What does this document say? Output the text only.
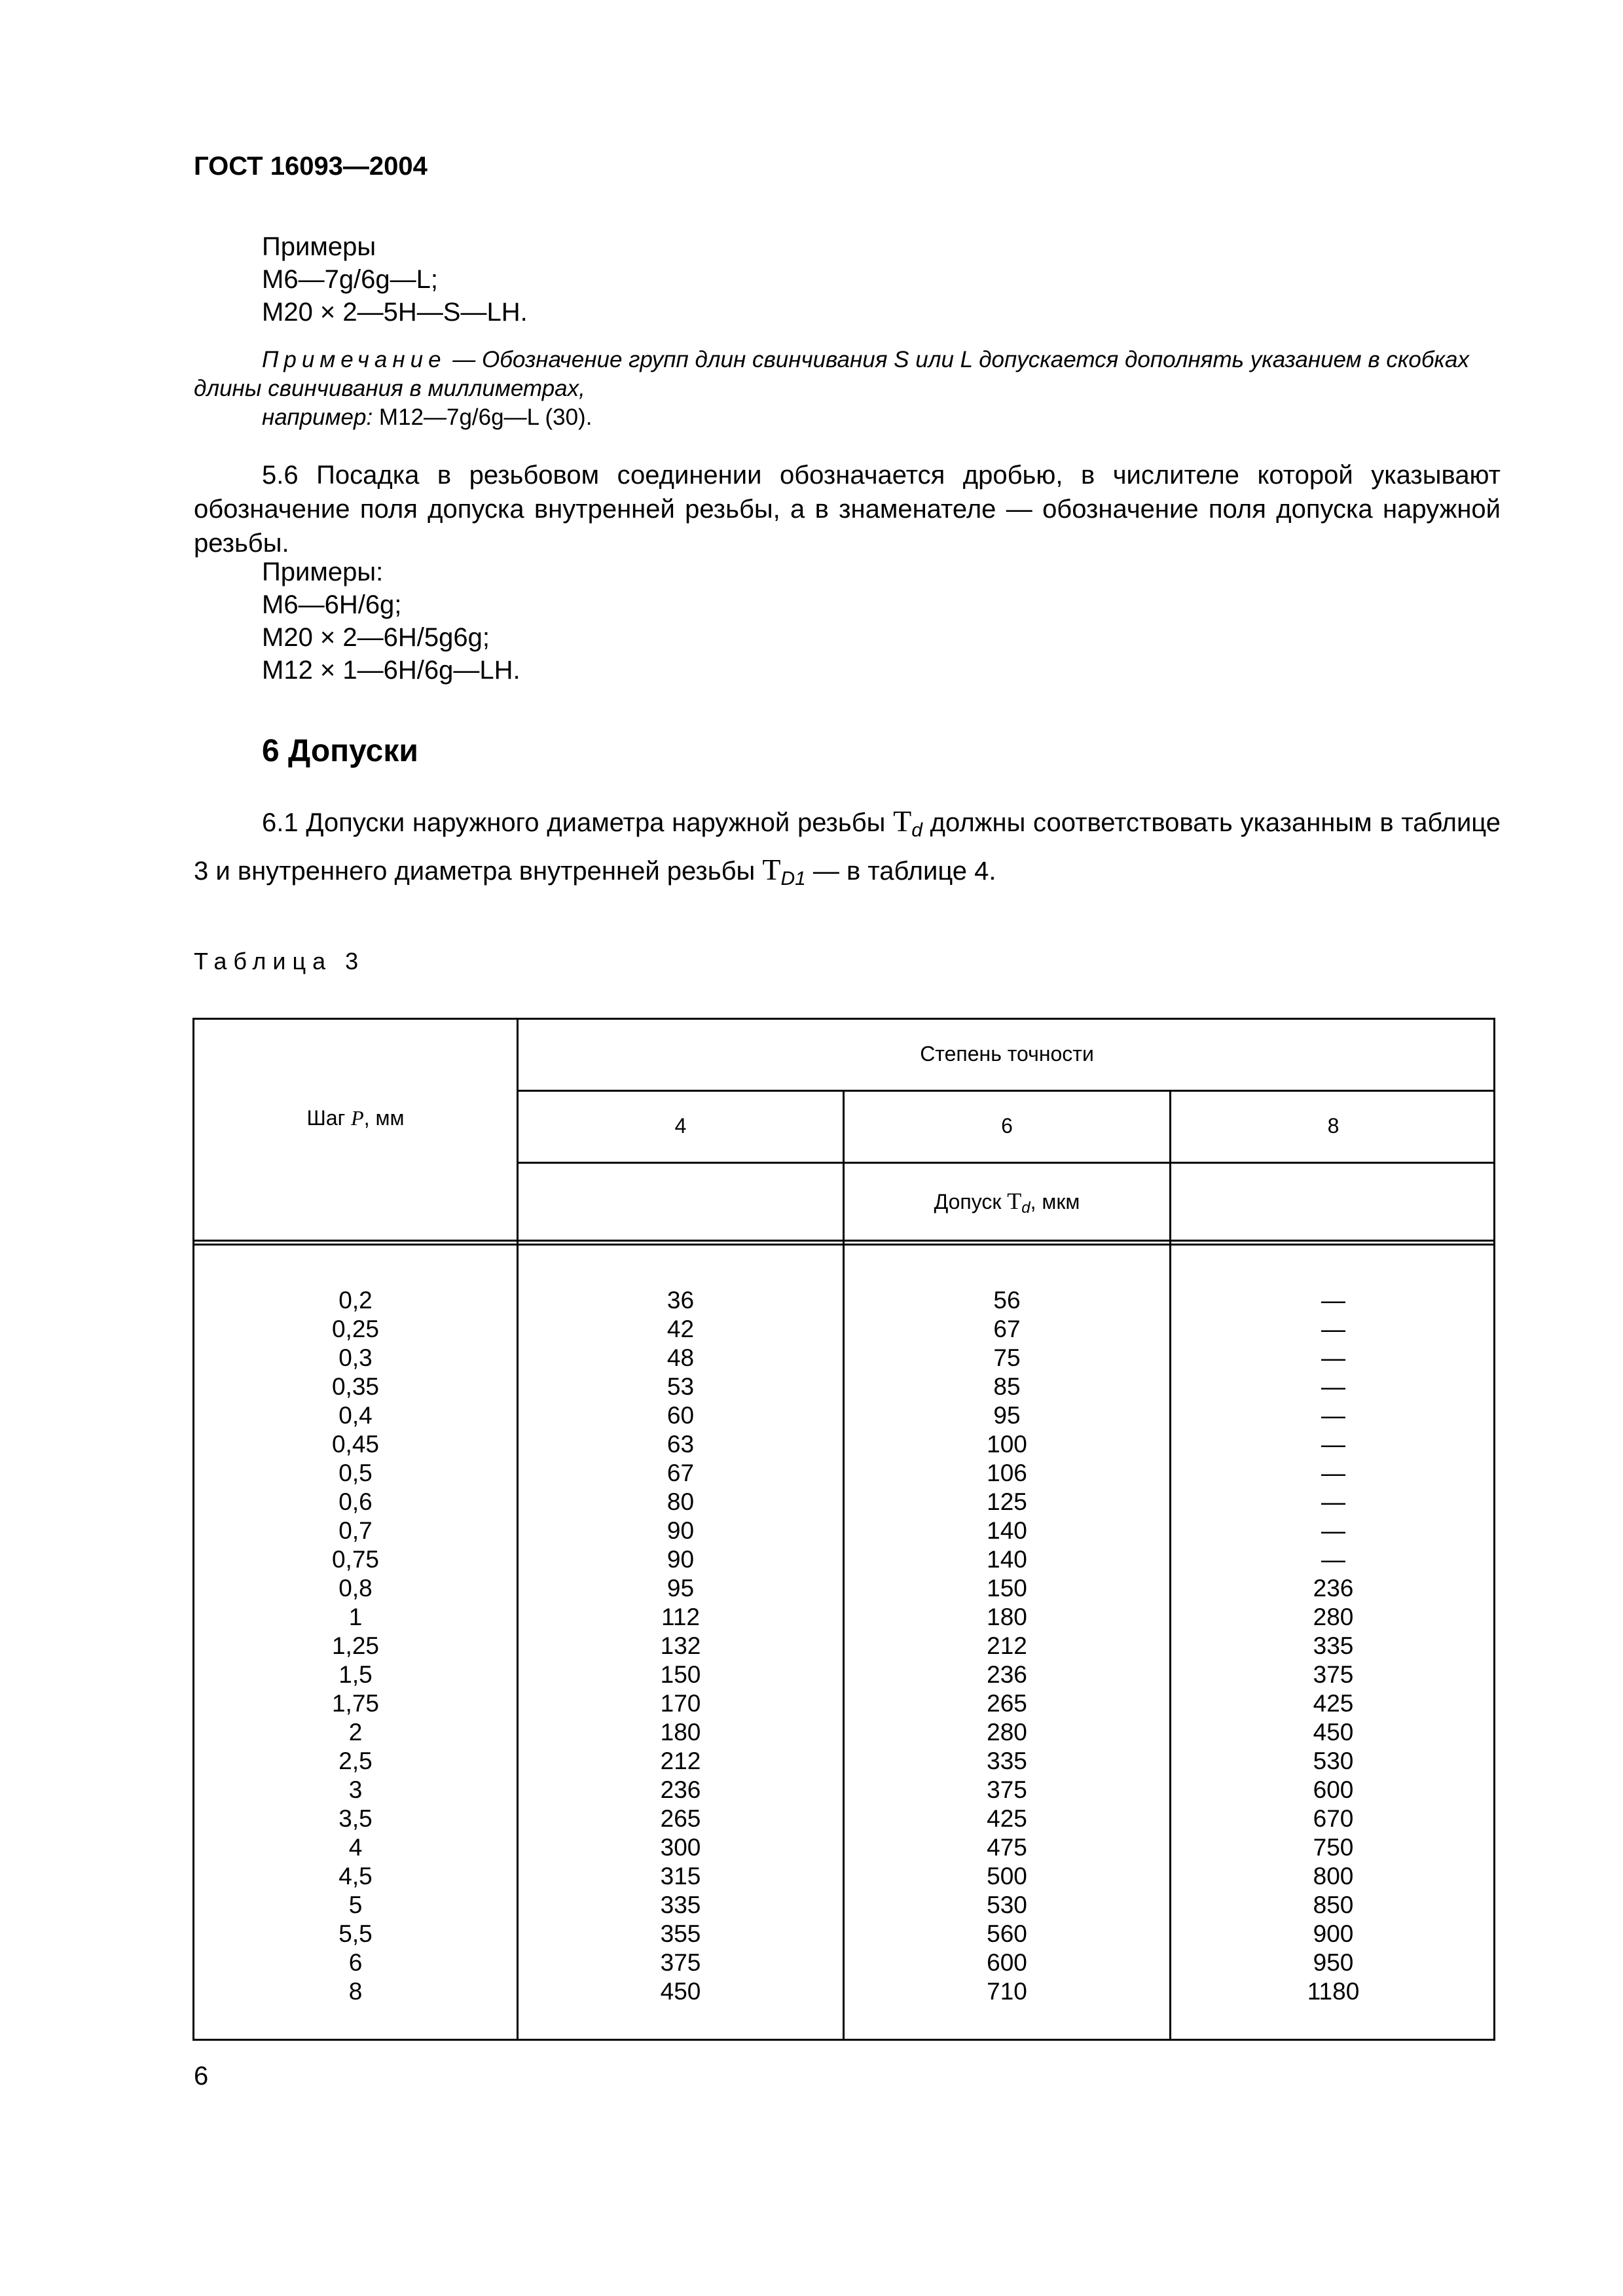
ГОСТ 16093—2004
Примеры
М6—7g/6g—L;
М20 × 2—5Н—S—LH.
Примечание — Обозначение групп длин свинчивания S или L допускается дополнять указанием в скобках длины свинчивания в миллиметрах,
например: М12—7g/6g—L (30).
5.6 Посадка в резьбовом соединении обозначается дробью, в числителе которой указывают обозначение поля допуска внутренней резьбы, а в знаменателе — обозначение поля допуска наружной резьбы.
Примеры:
М6—6Н/6g;
М20 × 2—6Н/5g6g;
М12 × 1—6Н/6g—LH.
6 Допуски
6.1 Допуски наружного диаметра наружной резьбы $T_d$ должны соответствовать указанным в таблице 3 и внутреннего диаметра внутренней резьбы $T_{D1}$ — в таблице 4.
Таблица 3
Шаг P, мм
Степень точности
4	6	8
Допуск $T_d$, мкм
0,2
0,25
0,3
0,35
0,4
0,45
0,5
0,6
0,7
0,75
0,8
1
1,25
1,5
1,75
2
2,5
3
3,5
4
4,5
5
5,5
6
8
36
42
48
53
60
63
67
80
90
90
95
112
132
150
170
180
212
236
265
300
315
335
355
375
450
56
67
75
85
95
100
106
125
140
140
150
180
212
236
265
280
335
375
425
475
500
530
560
600
710
—
—
—
—
—
—
—
—
—
—
236
280
335
375
425
450
530
600
670
750
800
850
900
950
1180
6
